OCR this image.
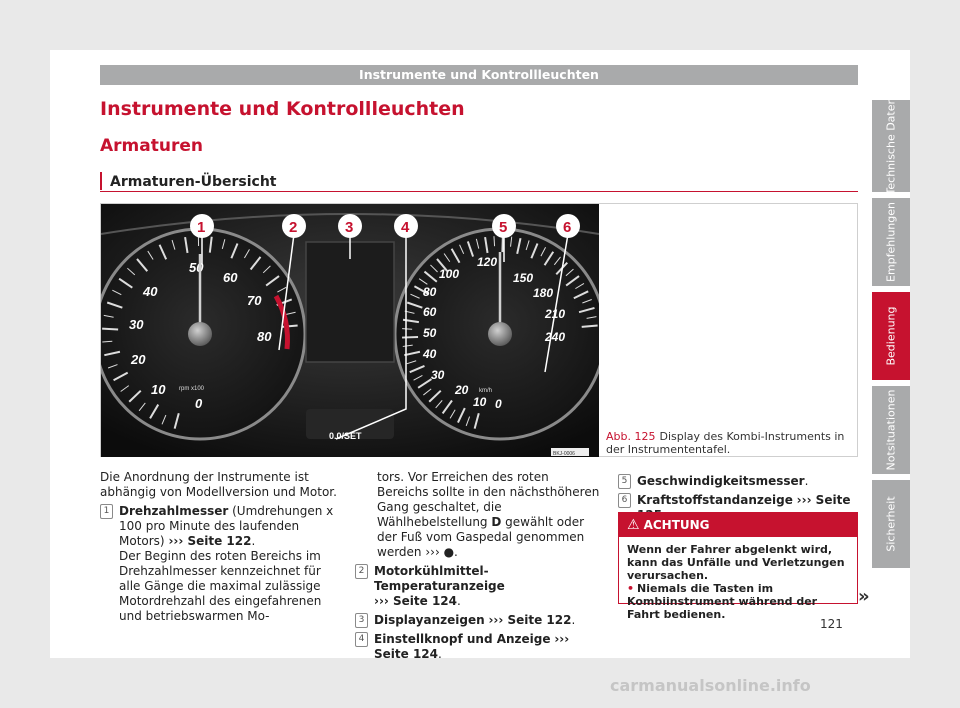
Instrumente und Kontrollleuchten
Instrumente und Kontrollleuchten
Armaturen
Armaturen-Übersicht
50
60
70
80
40
30
20
10
0
rpm x100
120
150
180
210
240
100
80
60
50
40
30
20
10 0
km/h
0.0/SET
BKJ-0006
1	2	3	4	5	6
Abb. 125 Display des Kombi-Instruments in der Instrumententafel.

Die Anordnung der Instrumente ist abhängig von Modellversion und Motor.

1 Drehzahlmesser (Umdrehungen x 100 pro Minute des laufenden Motors) ››› Seite 122.

Der Beginn des roten Bereichs im Drehzahlmesser kennzeichnet für alle Gänge die maximal zulässige Motordrehzahl des eingefahrenen und betriebswarmen Mo-

tors. Vor Erreichen des roten Bereichs sollte in den nächsthöheren Gang geschaltet, die Wählhebelstellung D gewählt oder der Fuß vom Gaspedal genommen werden ››› ●.

2 Motorkühlmittel-Temperaturanzeige
››› Seite 124.
3 Displayanzeigen ››› Seite 122.
4 Einstellknopf und Anzeige ››› Seite 124.
5 Geschwindigkeitsmesser.
6 Kraftstoffstandanzeige ››› Seite
⚠ ACHTUNG
Wenn der Fahrer abgelenkt wird, kann das Unfälle und Verletzungen verursachen.
• Niemals die Tasten im Kombiinstrument während der Fahrt bedienen.
»
121
Technische Daten
Empfehlungen
Bedienung
Notsituationen
Sicherheit
carmanualsonline.info
